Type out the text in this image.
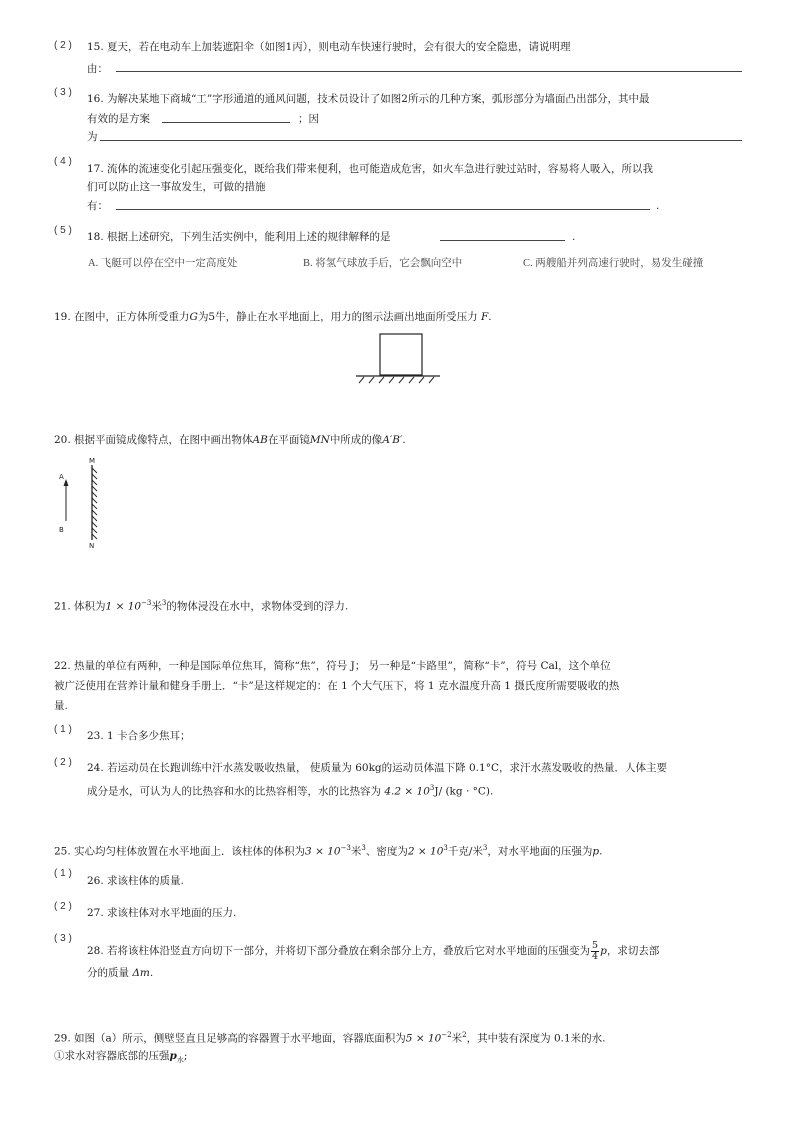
( 2 ) 15. 夏天，若在电动车上加装遮阳伞（如图1丙），则电动车快速行驶时，会有很大的安全隐患，请说明理
由：
( 3 )
16. 为解决某地下商城“工”字形通道的通风问题，技术员设计了如图2所示的几种方案，弧形部分为墙面凸出部分，其中最
有效的是方案	；因
为
( 4 )
17. 流体的流速变化引起压强变化，既给我们带来便利，也可能造成危害，如火车急进行驶过站时，容易将人吸入，所以我
们可以防止这一事故发生，可做的措施
有：	.
( 5 )
18. 根据上述研究，下列生活实例中，能利用上述的规律解释的是	.
A. 飞艇可以停在空中一定高度处	B. 将氢气球放手后，它会飘向空中	C. 两艘船并列高速行驶时，易发生碰撞
19. 在图中，正方体所受重力G为5牛，静止在水平地面上，用力的图示法画出地面所受压力 F.
20. 根据平面镜成像特点，在图中画出物体AB在平面镜MN中所成的像A′B′.
M
N
A
B
21. 体积为$1 \times 10^{-3}$米$^3$的物体浸没在水中，求物体受到的浮力.
22. 热量的单位有两种，一种是国际单位焦耳，简称“焦”，符号 J； 另一种是“卡路里”，简称“卡”，符号 Cal，这个单位
被广泛使用在营养计量和健身手册上．“卡”是这样规定的：在 1 个大气压下，将 1 克水温度升高 1 摄氏度所需要吸收的热
量.
( 1 )
23. 1 卡合多少焦耳；
( 2 ) 24. 若运动员在长跑训练中汗水蒸发吸收热量， 使质量为 60kg的运动员体温下降 0.1°C，求汗水蒸发吸收的热量．人体主要
成分是水，可认为人的比热容和水的比热容相等，水的比热容为 $4.2 \times 10^3J/$ (kg · °C).
25. 实心均匀柱体放置在水平地面上．该柱体的体积为$3 \times 10^{-3}$米$^3$、密度为$2 \times 10^3$千克/米$^3$，对水平地面的压强为p.
( 1 )
26. 求该柱体的质量.
( 2 )
27. 求该柱体对水平地面的压力.
( 3 )
28. 若将该柱体沿竖直方向切下一部分，并将切下部分叠放在剩余部分上方，叠放后它对水平地面的压强变为 $\frac{5}{4}$ p，求切去部
分的质量 Δm.
29. 如图（a）所示，侧壁竖直且足够高的容器置于水平地面，容器底面积为$5 \times 10^{-2}$米$^2$，其中装有深度为 0.1米的水.
①求水对容器底部的压强$p_水$;
